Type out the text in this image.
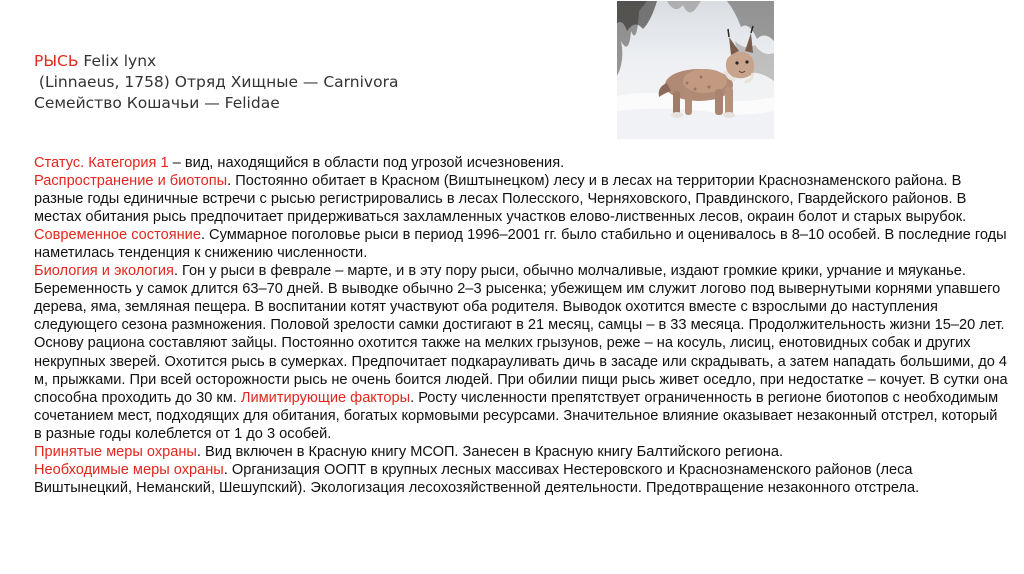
РЫСЬ Felix lynx
(Linnaeus, 1758) Отряд Хищные — Carnivora
Семейство Кошачьи — Felidae
Статус. Категория 1 – вид, находящийся в области под угрозой исчезновения.
Распространение и биотопы. Постоянно обитает в Красном (Виштынецком) лесу и в лесах на территории Краснознаменского района. В разные годы единичные встречи с рысью регистрировались в лесах Полесского, Черняховского, Правдинского, Гвардейского районов. В местах обитания рысь предпочитает придерживаться захламленных участков елово-лиственных лесов, окраин болот и старых вырубок.
Современное состояние. Суммарное поголовье рыси в период 1996–2001 гг. было стабильно и оценивалось в 8–10 особей. В последние годы наметилась тенденция к снижению численности.
Биология и экология. Гон у рыси в феврале – марте, и в эту пору рыси, обычно молчаливые, издают громкие крики, урчание и мяуканье. Беременность у самок длится 63–70 дней. В выводке обычно 2–3 рысенка; убежищем им служит логово под вывернутыми корнями упавшего дерева, яма, земляная пещера. В воспитании котят участвуют оба родителя. Выводок охотится вместе с взрослыми до наступления следующего сезона размножения. Половой зрелости самки достигают в 21 месяц, самцы – в 33 месяца. Продолжительность жизни 15–20 лет. Основу рациона составляют зайцы. Постоянно охотится также на мелких грызунов, реже – на косуль, лисиц, енотовидных собак и других некрупных зверей. Охотится рысь в сумерках. Предпочитает подкарауливать дичь в засаде или скрадывать, а затем нападать большими, до 4 м, прыжками. При всей осторожности рысь не очень боится людей. При обилии пищи рысь живет оседло, при недостатке – кочует. В сутки она способна проходить до 30 км. Лимитирующие факторы. Росту численности препятствует ограниченность в регионе биотопов с необходимым сочетанием мест, подходящих для обитания, богатых кормовыми ресурсами. Значительное влияние оказывает незаконный отстрел, который в разные годы колеблется от 1 до 3 особей.
Принятые меры охраны. Вид включен в Красную книгу МСОП. Занесен в Красную книгу Балтийского региона.
Необходимые меры охраны. Организация ООПТ в крупных лесных массивах Нестеровского и Краснознаменского районов (леса Виштынецкий, Неманский, Шешупский). Экологизация лесохозяйственной деятельности. Предотвращение незаконного отстрела.
